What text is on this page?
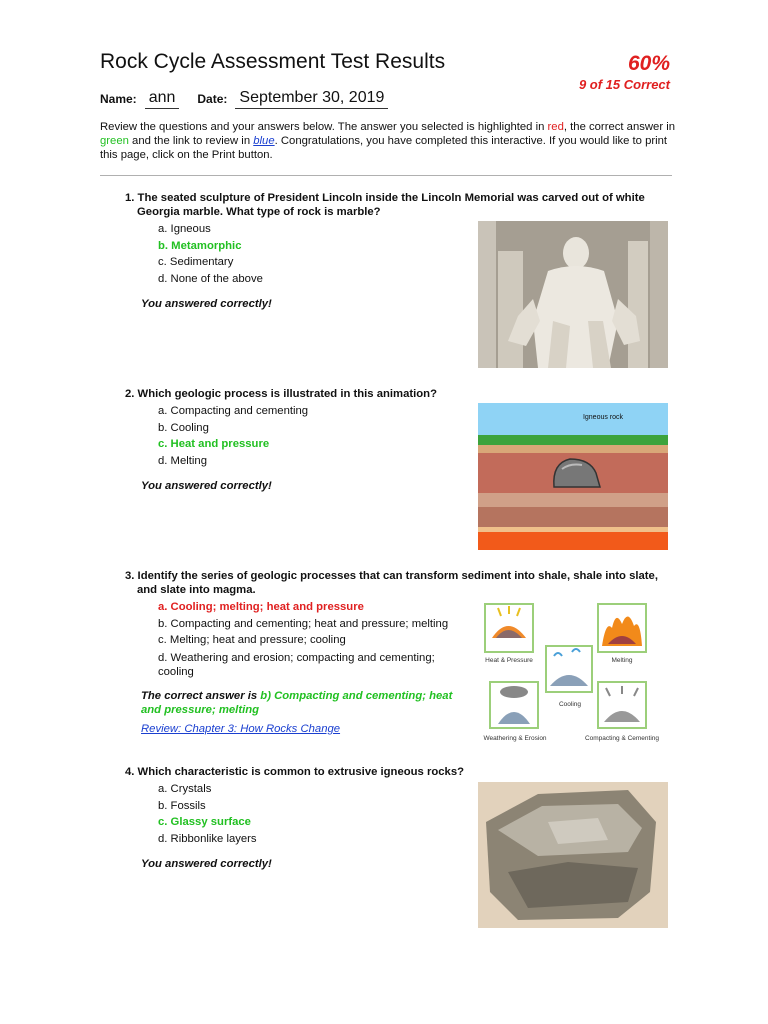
Rock Cycle Assessment Test Results	60%
9 of 15 Correct
Name: ann	Date: September 30, 2019
Review the questions and your answers below. The answer you selected is highlighted in red, the correct answer in green and the link to review in blue. Congratulations, you have completed this interactive. If you would like to print this page, click on the Print button.
1. The seated sculpture of President Lincoln inside the Lincoln Memorial was carved out of white Georgia marble. What type of rock is marble?
a. Igneous
b. Metamorphic
c. Sedimentary
d. None of the above
You answered correctly!
2. Which geologic process is illustrated in this animation?
a. Compacting and cementing
b. Cooling
c. Heat and pressure
d. Melting
You answered correctly!
Igneous rock
3. Identify the series of geologic processes that can transform sediment into shale, shale into slate, and slate into magma.
a. Cooling; melting; heat and pressure
b. Compacting and cementing; heat and pressure; melting
c. Melting; heat and pressure; cooling
d. Weathering and erosion; compacting and cementing; cooling
The correct answer is b) Compacting and cementing; heat and pressure; melting
Review: Chapter 3: How Rocks Change
Heat & Pressure	Melting
Cooling
Weathering & Erosion	Compacting & Cementing
4. Which characteristic is common to extrusive igneous rocks?
a. Crystals
b. Fossils
c. Glassy surface
d. Ribbonlike layers
You answered correctly!
